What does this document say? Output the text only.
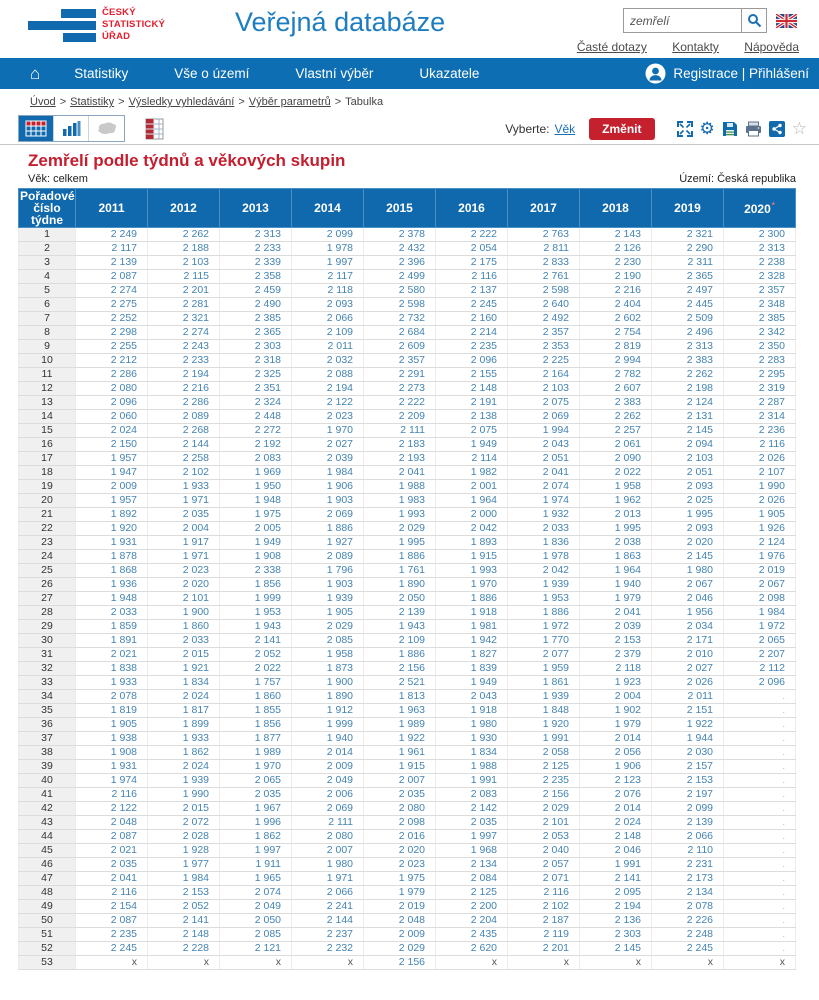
ČESKÝ
STATISTICKÝ
ÚŘAD	Veřejná databáze
zemřelí
Časté dotazy Kontakty Nápověda
⌂	Statistiky	Vše o území	Vlastní výběr	Ukazatele	Registrace | Přihlášení
Úvod > Statistiky > Výsledky vyhledávání > Výběr parametrů > Tabulka
Vyberte: Věk	Změnit	⚙	☆
Zemřelí podle týdnů a věkových skupin
Věk: celkem	Území: Česká republika
Pořadové číslo týdne	2011	2012	2013	2014	2015	2016	2017	2018	2019	2020*
1	2 249	2 262	2 313	2 099	2 378	2 222	2 763	2 143	2 321	2 300
2	2 117	2 188	2 233	1 978	2 432	2 054	2 811	2 126	2 290	2 313
3	2 139	2 103	2 339	1 997	2 396	2 175	2 833	2 230	2 311	2 238
4	2 087	2 115	2 358	2 117	2 499	2 116	2 761	2 190	2 365	2 328
5	2 274	2 201	2 459	2 118	2 580	2 137	2 598	2 216	2 497	2 357
6	2 275	2 281	2 490	2 093	2 598	2 245	2 640	2 404	2 445	2 348
7	2 252	2 321	2 385	2 066	2 732	2 160	2 492	2 602	2 509	2 385
8	2 298	2 274	2 365	2 109	2 684	2 214	2 357	2 754	2 496	2 342
9	2 255	2 243	2 303	2 011	2 609	2 235	2 353	2 819	2 313	2 350
10	2 212	2 233	2 318	2 032	2 357	2 096	2 225	2 994	2 383	2 283
11	2 286	2 194	2 325	2 088	2 291	2 155	2 164	2 782	2 262	2 295
12	2 080	2 216	2 351	2 194	2 273	2 148	2 103	2 607	2 198	2 319
13	2 096	2 286	2 324	2 122	2 222	2 191	2 075	2 383	2 124	2 287
14	2 060	2 089	2 448	2 023	2 209	2 138	2 069	2 262	2 131	2 314
15	2 024	2 268	2 272	1 970	2 111	2 075	1 994	2 257	2 145	2 236
16	2 150	2 144	2 192	2 027	2 183	1 949	2 043	2 061	2 094	2 116
17	1 957	2 258	2 083	2 039	2 193	2 114	2 051	2 090	2 103	2 026
18	1 947	2 102	1 969	1 984	2 041	1 982	2 041	2 022	2 051	2 107
19	2 009	1 933	1 950	1 906	1 988	2 001	2 074	1 958	2 093	1 990
20	1 957	1 971	1 948	1 903	1 983	1 964	1 974	1 962	2 025	2 026
21	1 892	2 035	1 975	2 069	1 993	2 000	1 932	2 013	1 995	1 905
22	1 920	2 004	2 005	1 886	2 029	2 042	2 033	1 995	2 093	1 926
23	1 931	1 917	1 949	1 927	1 995	1 893	1 836	2 038	2 020	2 124
24	1 878	1 971	1 908	2 089	1 886	1 915	1 978	1 863	2 145	1 976
25	1 868	2 023	2 338	1 796	1 761	1 993	2 042	1 964	1 980	2 019
26	1 936	2 020	1 856	1 903	1 890	1 970	1 939	1 940	2 067	2 067
27	1 948	2 101	1 999	1 939	2 050	1 886	1 953	1 979	2 046	2 098
28	2 033	1 900	1 953	1 905	2 139	1 918	1 886	2 041	1 956	1 984
29	1 859	1 860	1 943	2 029	1 943	1 981	1 972	2 039	2 034	1 972
30	1 891	2 033	2 141	2 085	2 109	1 942	1 770	2 153	2 171	2 065
31	2 021	2 015	2 052	1 958	1 886	1 827	2 077	2 379	2 010	2 207
32	1 838	1 921	2 022	1 873	2 156	1 839	1 959	2 118	2 027	2 112
33	1 933	1 834	1 757	1 900	2 521	1 949	1 861	1 923	2 026	2 096
34	2 078	2 024	1 860	1 890	1 813	2 043	1 939	2 004	2 011	.
35	1 819	1 817	1 855	1 912	1 963	1 918	1 848	1 902	2 151	.
36	1 905	1 899	1 856	1 999	1 989	1 980	1 920	1 979	1 922	.
37	1 938	1 933	1 877	1 940	1 922	1 930	1 991	2 014	1 944	.
38	1 908	1 862	1 989	2 014	1 961	1 834	2 058	2 056	2 030	.
39	1 931	2 024	1 970	2 009	1 915	1 988	2 125	1 906	2 157	.
40	1 974	1 939	2 065	2 049	2 007	1 991	2 235	2 123	2 153	.
41	2 116	1 990	2 035	2 006	2 035	2 083	2 156	2 076	2 197	.
42	2 122	2 015	1 967	2 069	2 080	2 142	2 029	2 014	2 099	.
43	2 048	2 072	1 996	2 111	2 098	2 035	2 101	2 024	2 139	.
44	2 087	2 028	1 862	2 080	2 016	1 997	2 053	2 148	2 066	.
45	2 021	1 928	1 997	2 007	2 020	1 968	2 040	2 046	2 110	.
46	2 035	1 977	1 911	1 980	2 023	2 134	2 057	1 991	2 231	.
47	2 041	1 984	1 965	1 971	1 975	2 084	2 071	2 141	2 173	.
48	2 116	2 153	2 074	2 066	1 979	2 125	2 116	2 095	2 134	.
49	2 154	2 052	2 049	2 241	2 019	2 200	2 102	2 194	2 078	.
50	2 087	2 141	2 050	2 144	2 048	2 204	2 187	2 136	2 226	.
51	2 235	2 148	2 085	2 237	2 009	2 435	2 119	2 303	2 248	.
52	2 245	2 228	2 121	2 232	2 029	2 620	2 201	2 145	2 245	.
53	x	x	x	x	2 156	x	x	x	x	x
